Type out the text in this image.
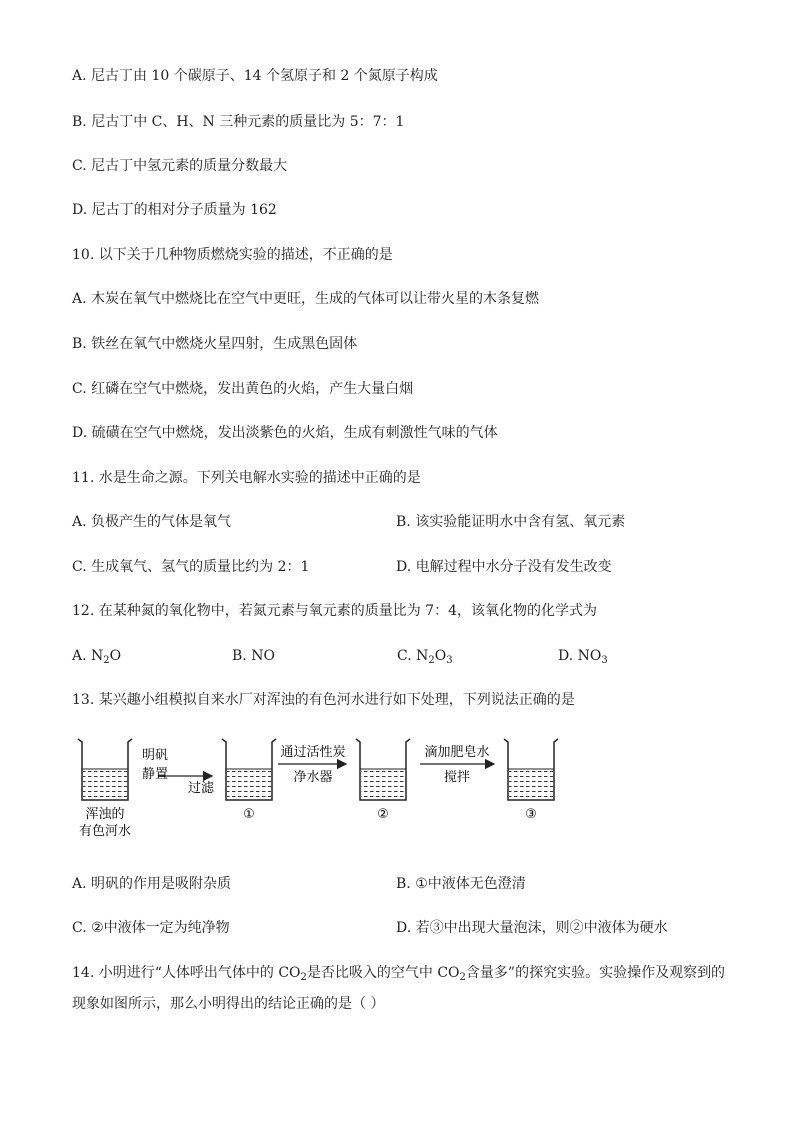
A. 尼古丁由 10 个碳原子、14 个氢原子和 2 个氮原子构成
B. 尼古丁中 C、H、N 三种元素的质量比为 5：7：1
C. 尼古丁中氢元素的质量分数最大
D. 尼古丁的相对分子质量为 162
10. 以下关于几种物质燃烧实验的描述，不正确的是
A. 木炭在氧气中燃烧比在空气中更旺，生成的气体可以让带火星的木条复燃
B. 铁丝在氧气中燃烧火星四射，生成黑色固体
C. 红磷在空气中燃烧，发出黄色的火焰，产生大量白烟
D. 硫磺在空气中燃烧，发出淡紫色的火焰，生成有刺激性气味的气体
11. 水是生命之源。下列关电解水实验的描述中正确的是
A. 负极产生的气体是氧气	B. 该实验能证明水中含有氢、氧元素
C. 生成氧气、氢气的质量比约为 2：1	D. 电解过程中水分子没有发生改变
12. 在某种氮的氧化物中，若氮元素与氧元素的质量比为 7：4，该氧化物的化学式为
A. $N_2O$	B. NO	C. $N_2O_3$	D. $NO_3$
13. 某兴趣小组模拟自来水厂对浑浊的有色河水进行如下处理，下列说法正确的是
浑浊的
有色河水
明矾
静置
过滤
通过活性炭
净水器
滴加肥皂水
搅拌
①	②	③
A. 明矾的作用是吸附杂质	B. ①中液体无色澄清
C. ②中液体一定为纯净物	D. 若③中出现大量泡沫，则②中液体为硬水
14. 小明进行“人体呼出气体中的 $CO_2$是否比吸入的空气中 $CO_2$含量多”的探究实验。实验操作及观察到的
现象如图所示，那么小明得出的结论正确的是（ ）
